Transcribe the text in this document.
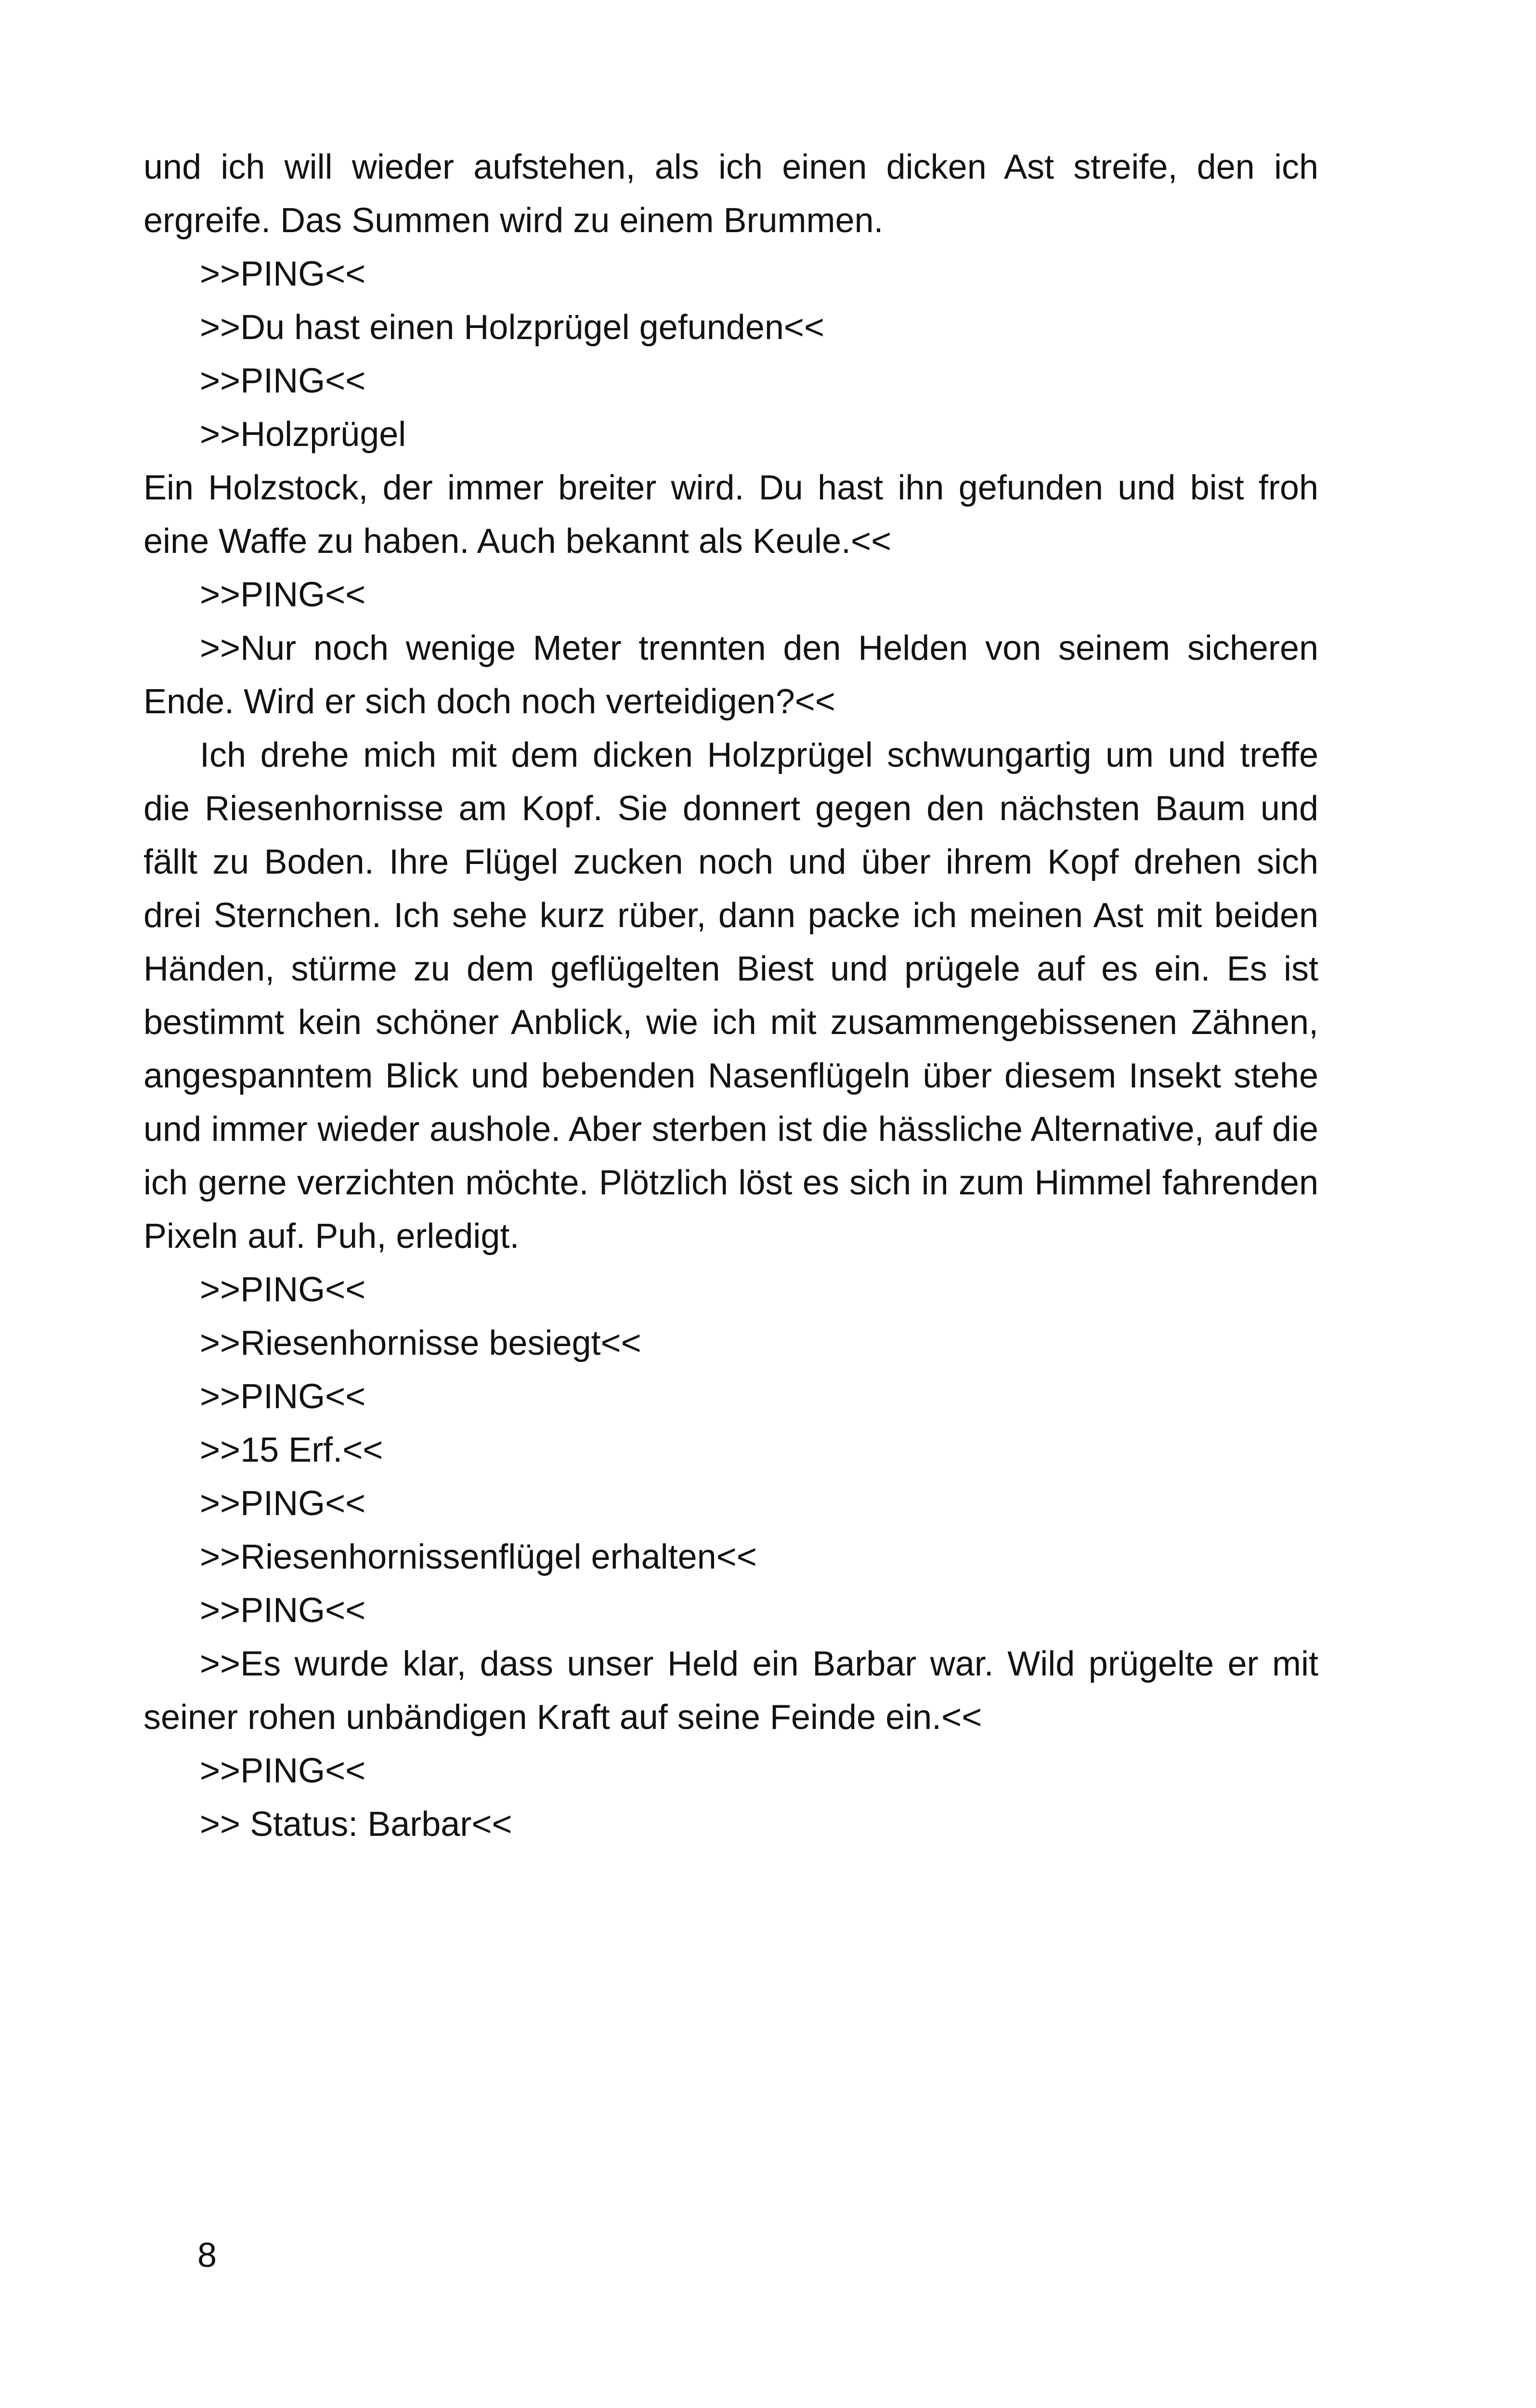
und ich will wieder aufstehen, als ich einen dicken Ast streife, den ich ergreife. Das Summen wird zu einem Brummen.

>>PING<<

>>Du hast einen Holzprügel gefunden<<

>>PING<<

>>Holzprügel

Ein Holzstock, der immer breiter wird. Du hast ihn gefunden und bist froh eine Waffe zu haben. Auch bekannt als Keule.<<

>>PING<<

>>Nur noch wenige Meter trennten den Helden von seinem sicheren Ende. Wird er sich doch noch verteidigen?<<

Ich drehe mich mit dem dicken Holzprügel schwungartig um und treffe die Riesenhornisse am Kopf. Sie donnert gegen den nächsten Baum und fällt zu Boden. Ihre Flügel zucken noch und über ihrem Kopf drehen sich drei Sternchen. Ich sehe kurz rüber, dann packe ich meinen Ast mit beiden Händen, stürme zu dem geflügelten Biest und prügele auf es ein. Es ist bestimmt kein schöner Anblick, wie ich mit zusammengebissenen Zähnen, angespanntem Blick und bebenden Nasenflügeln über diesem Insekt stehe und immer wieder aushole. Aber sterben ist die hässliche Alternative, auf die ich gerne verzichten möchte. Plötzlich löst es sich in zum Himmel fahrenden Pixeln auf. Puh, erledigt.

>>PING<<

>>Riesenhornisse besiegt<<

>>PING<<

>>15 Erf.<<

>>PING<<

>>Riesenhornissenflügel erhalten<<

>>PING<<

>>Es wurde klar, dass unser Held ein Barbar war. Wild prügelte er mit seiner rohen unbändigen Kraft auf seine Feinde ein.<<

>>PING<<

>> Status: Barbar<<

8
